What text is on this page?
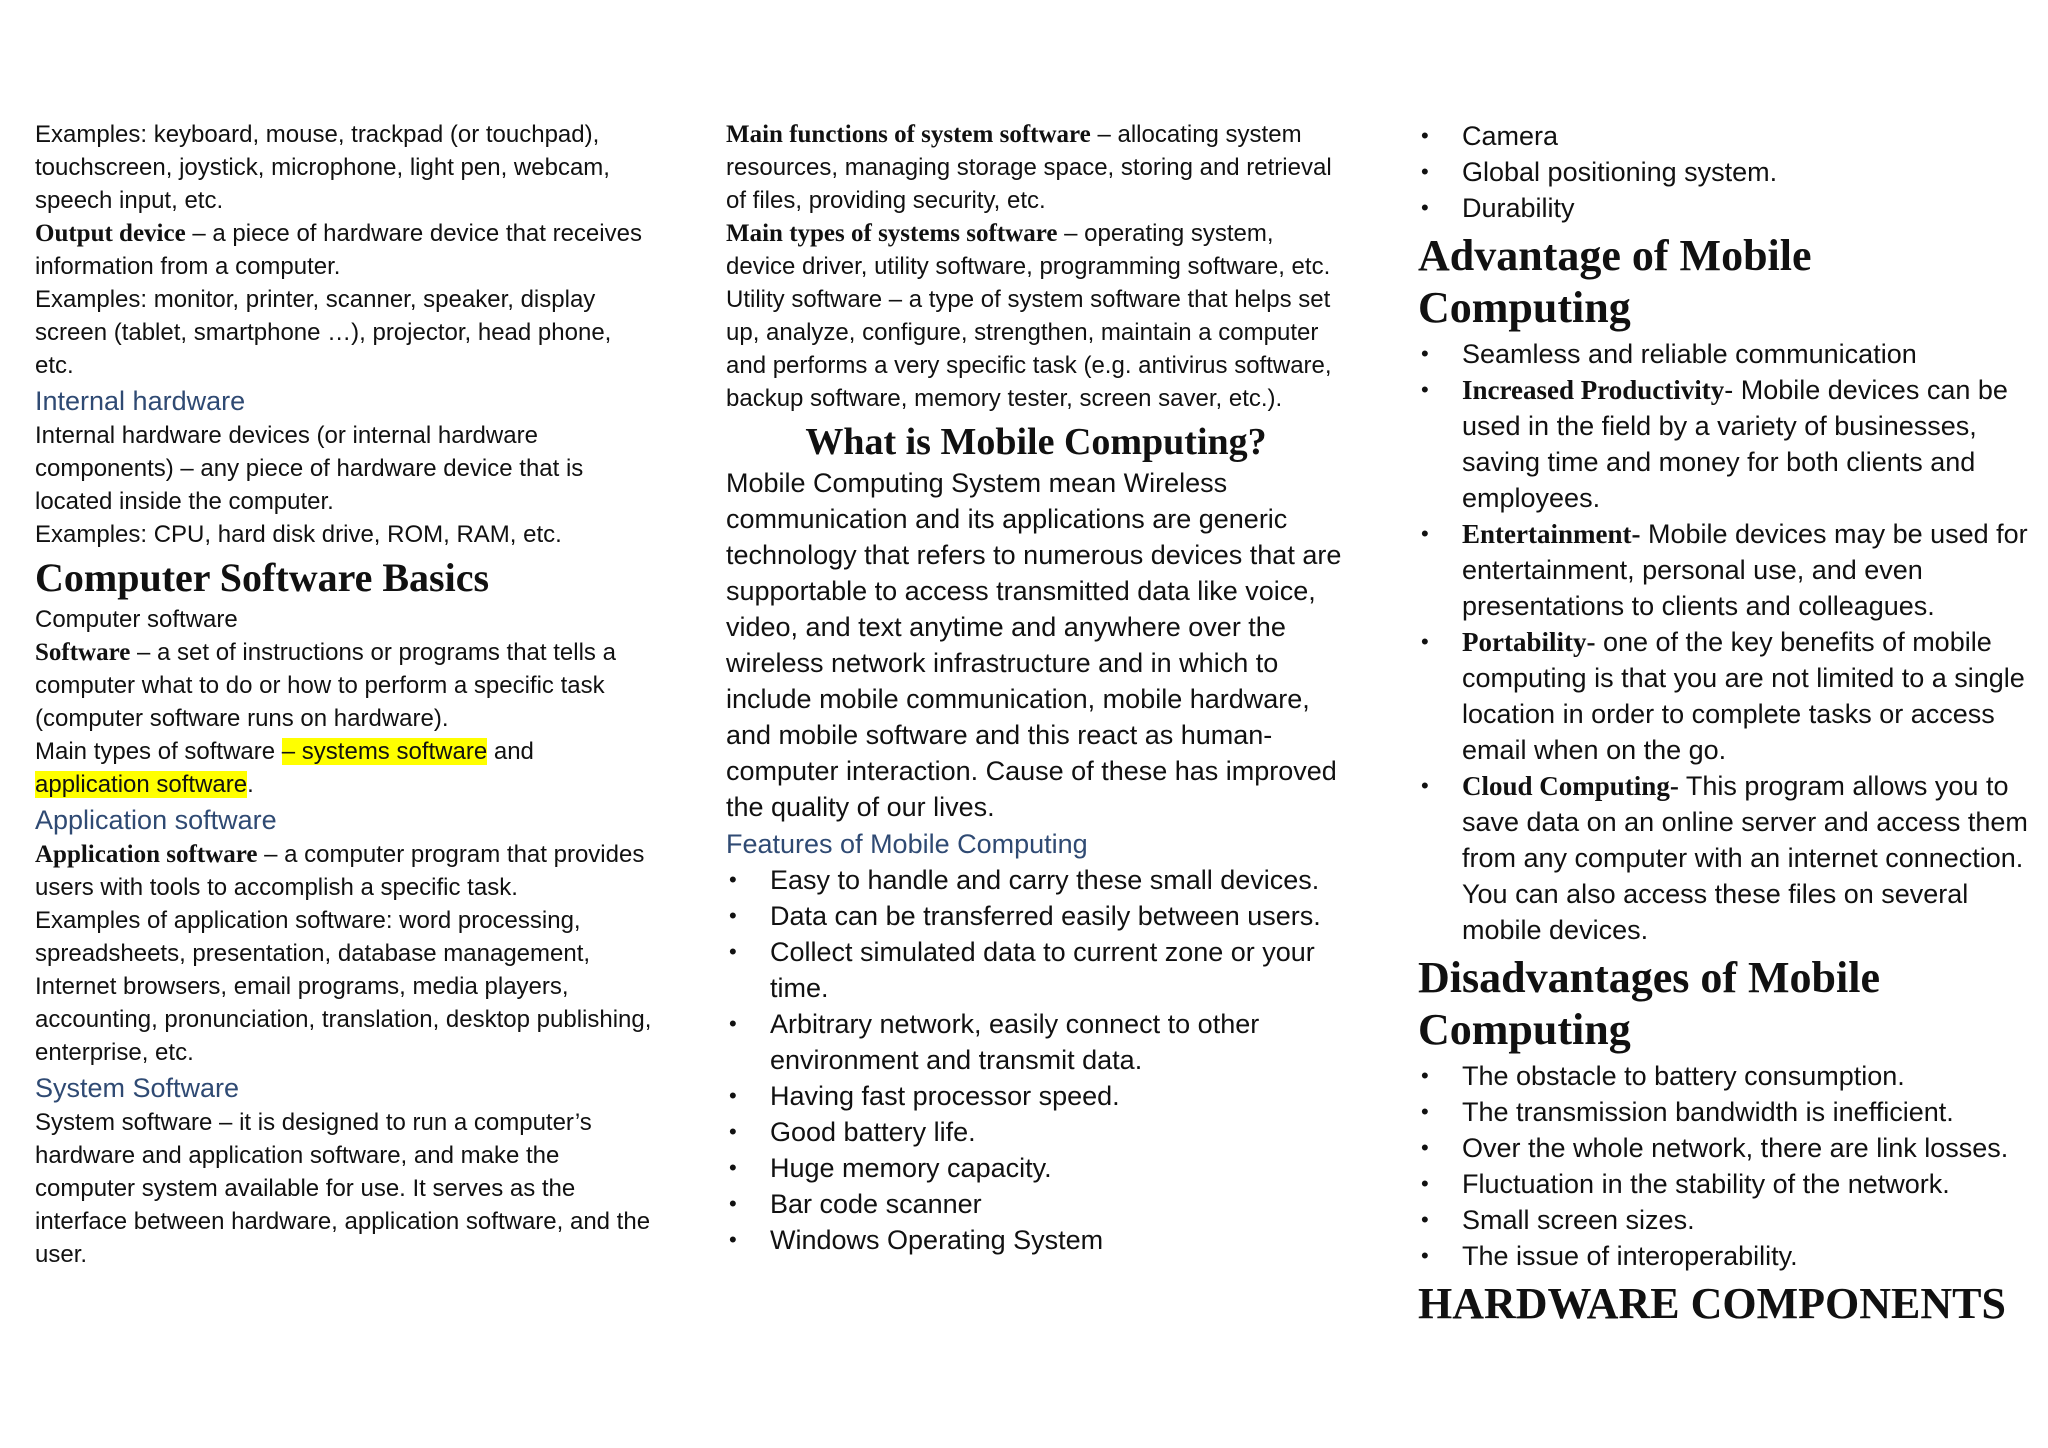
Examples: keyboard, mouse, trackpad (or touchpad), touchscreen, joystick, microphone, light pen, webcam, speech input, etc.

Output device – a piece of hardware device that receives information from a computer.

Examples: monitor, printer, scanner, speaker, display screen (tablet, smartphone …), projector, head phone, etc.

Internal hardware

Internal hardware devices (or internal hardware components) – any piece of hardware device that is located inside the computer.

Examples: CPU, hard disk drive, ROM, RAM, etc.

Computer Software Basics

Computer software

Software – a set of instructions or programs that tells a computer what to do or how to perform a specific task (computer software runs on hardware).

Main types of software – systems software and application software.

Application software

Application software – a computer program that provides users with tools to accomplish a specific task.

Examples of application software: word processing, spreadsheets, presentation, database management, Internet browsers, email programs, media players, accounting, pronunciation, translation, desktop publishing, enterprise, etc.

System Software

System software – it is designed to run a computer’s hardware and application software, and make the computer system available for use. It serves as the interface between hardware, application software, and the user.

Main functions of system software – allocating system resources, managing storage space, storing and retrieval of files, providing security, etc.

Main types of systems software – operating system, device driver, utility software, programming software, etc.

Utility software – a type of system software that helps set up, analyze, configure, strengthen, maintain a computer and performs a very specific task (e.g. antivirus software, backup software, memory tester, screen saver, etc.).

What is Mobile Computing?

Mobile Computing System mean Wireless communication and its applications are generic technology that refers to numerous devices that are supportable to access transmitted data like voice, video, and text anytime and anywhere over the wireless network infrastructure and in which to include mobile communication, mobile hardware, and mobile software and this react as human-computer interaction. Cause of these has improved the quality of our lives.

Features of Mobile Computing
• Easy to handle and carry these small devices.
• Data can be transferred easily between users.
• Collect simulated data to current zone or your time.
• Arbitrary network, easily connect to other environment and transmit data.
• Having fast processor speed.
• Good battery life.
• Huge memory capacity.
• Bar code scanner
• Windows Operating System
• Camera
• Global positioning system.
• Durability
Advantage of Mobile Computing
• Seamless and reliable communication
• Increased Productivity- Mobile devices can be used in the field by a variety of businesses, saving time and money for both clients and employees.
• Entertainment- Mobile devices may be used for entertainment, personal use, and even presentations to clients and colleagues.
• Portability- one of the key benefits of mobile computing is that you are not limited to a single location in order to complete tasks or access email when on the go.
• Cloud Computing- This program allows you to save data on an online server and access them from any computer with an internet connection. You can also access these files on several mobile devices.
Disadvantages of Mobile Computing
• The obstacle to battery consumption.
• The transmission bandwidth is inefficient.
• Over the whole network, there are link losses.
• Fluctuation in the stability of the network.
• Small screen sizes.
• The issue of interoperability.
HARDWARE COMPONENTS
